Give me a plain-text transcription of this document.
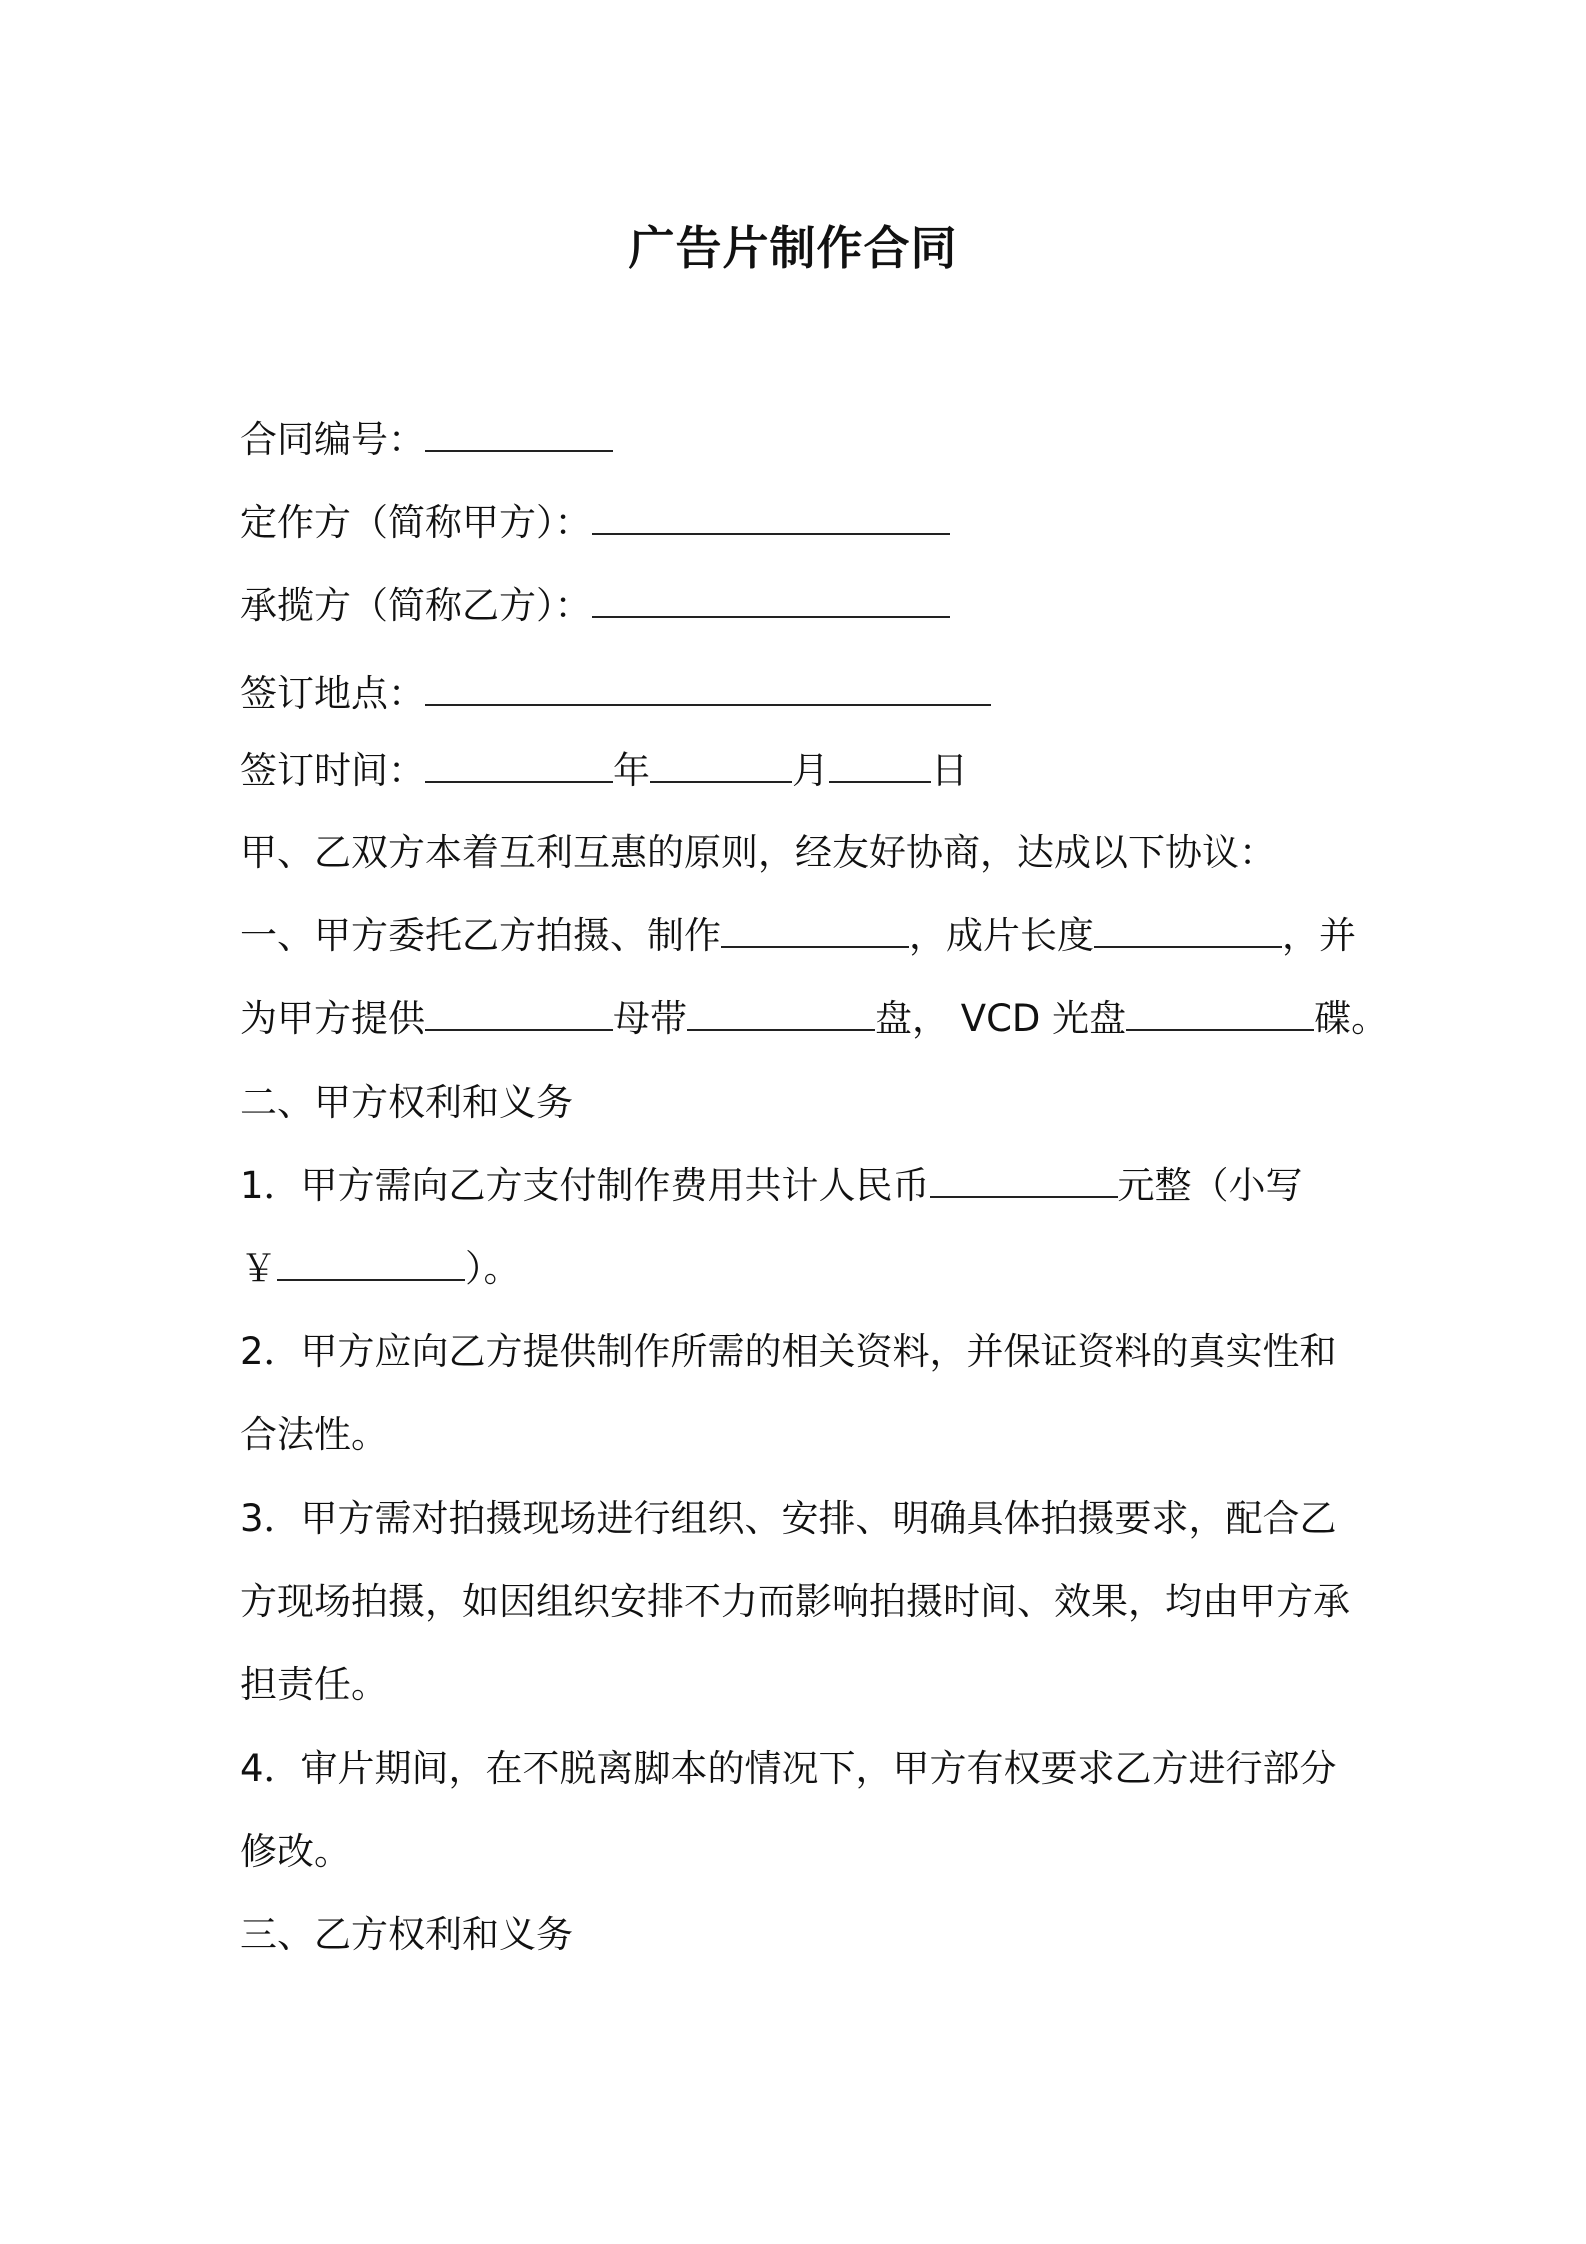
广告片制作合同
合同编号：
定作方（简称甲方）：
承揽方（简称乙方）：
签订地点：
签订时间：	年	月	日
甲、乙双方本着互利互惠的原则，经友好协商，达成以下协议：
一、甲方委托乙方拍摄、制作	，成片长度	，并
为甲方提供	母带	盘， VCD 光盘	碟。
二、甲方权利和义务
1．甲方需向乙方支付制作费用共计人民币	元整（小写
￥	）。
2．甲方应向乙方提供制作所需的相关资料，并保证资料的真实性和
合法性。
3．甲方需对拍摄现场进行组织、安排、明确具体拍摄要求，配合乙
方现场拍摄，如因组织安排不力而影响拍摄时间、效果，均由甲方承
担责任。
4．审片期间，在不脱离脚本的情况下，甲方有权要求乙方进行部分
修改。
三、乙方权利和义务
